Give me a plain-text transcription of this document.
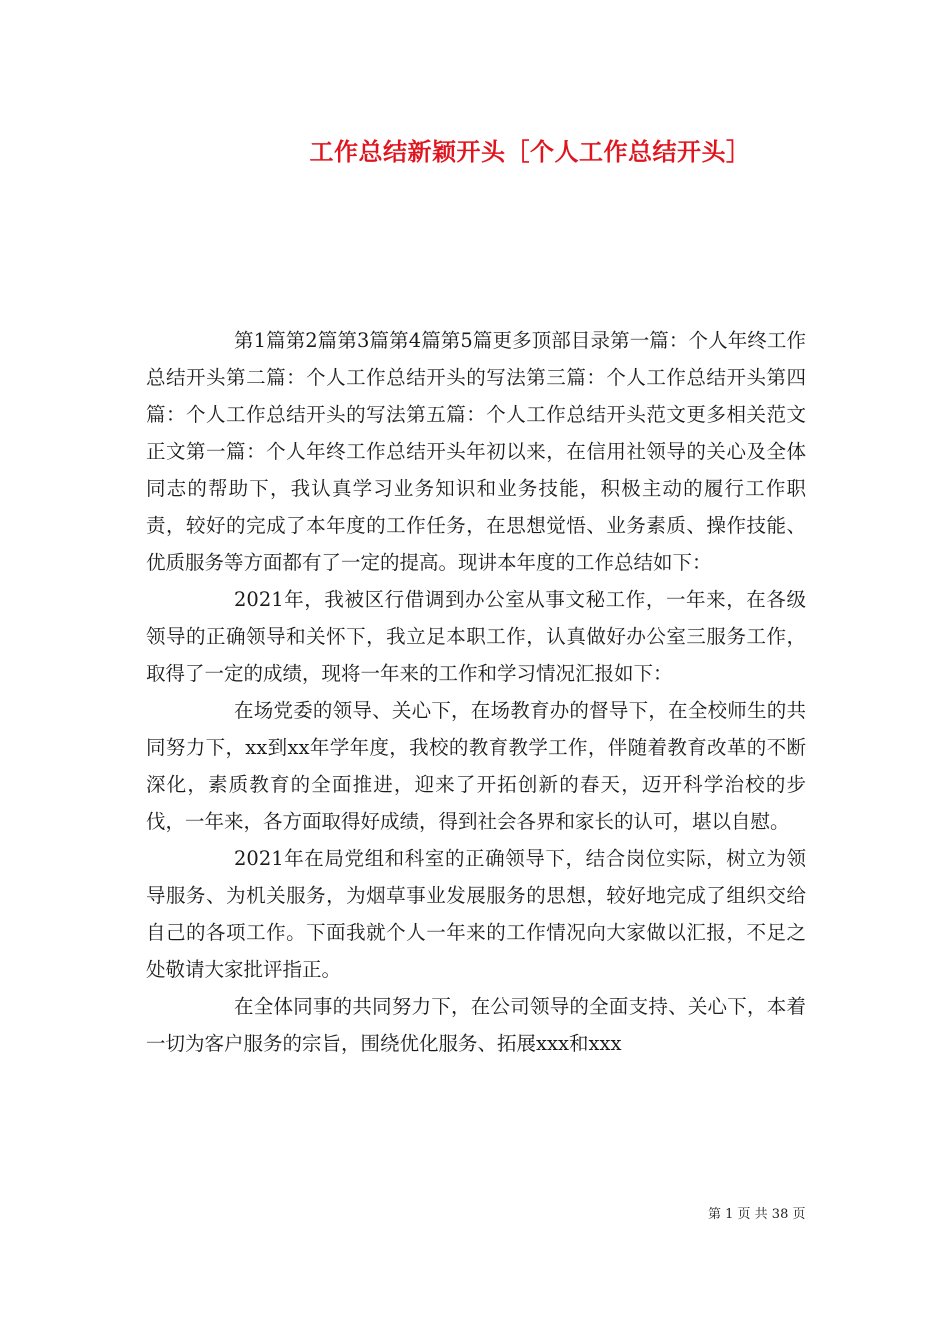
工作总结新颖开头［个人工作总结开头］

第1篇第2篇第3篇第4篇第5篇更多顶部目录第一篇：个人年终工作总结开头第二篇：个人工作总结开头的写法第三篇：个人工作总结开头第四篇：个人工作总结开头的写法第五篇：个人工作总结开头范文更多相关范文正文第一篇：个人年终工作总结开头年初以来，在信用社领导的关心及全体同志的帮助下，我认真学习业务知识和业务技能，积极主动的履行工作职责，较好的完成了本年度的工作任务，在思想觉悟、业务素质、操作技能、优质服务等方面都有了一定的提高。现讲本年度的工作总结如下：

2021年，我被区行借调到办公室从事文秘工作，一年来，在各级领导的正确领导和关怀下，我立足本职工作，认真做好办公室三服务工作，取得了一定的成绩，现将一年来的工作和学习情况汇报如下：

在场党委的领导、关心下，在场教育办的督导下，在全校师生的共同努力下，xx到xx年学年度，我校的教育教学工作，伴随着教育改革的不断深化，素质教育的全面推进，迎来了开拓创新的春天，迈开科学治校的步伐，一年来，各方面取得好成绩，得到社会各界和家长的认可，堪以自慰。

2021年在局党组和科室的正确领导下，结合岗位实际，树立为领导服务、为机关服务，为烟草事业发展服务的思想，较好地完成了组织交给自己的各项工作。下面我就个人一年来的工作情况向大家做以汇报，不足之处敬请大家批评指正。

在全体同事的共同努力下，在公司领导的全面支持、关心下，本着一切为客户服务的宗旨，围绕优化服务、拓展xxx和xxx

第 1 页 共 38 页
